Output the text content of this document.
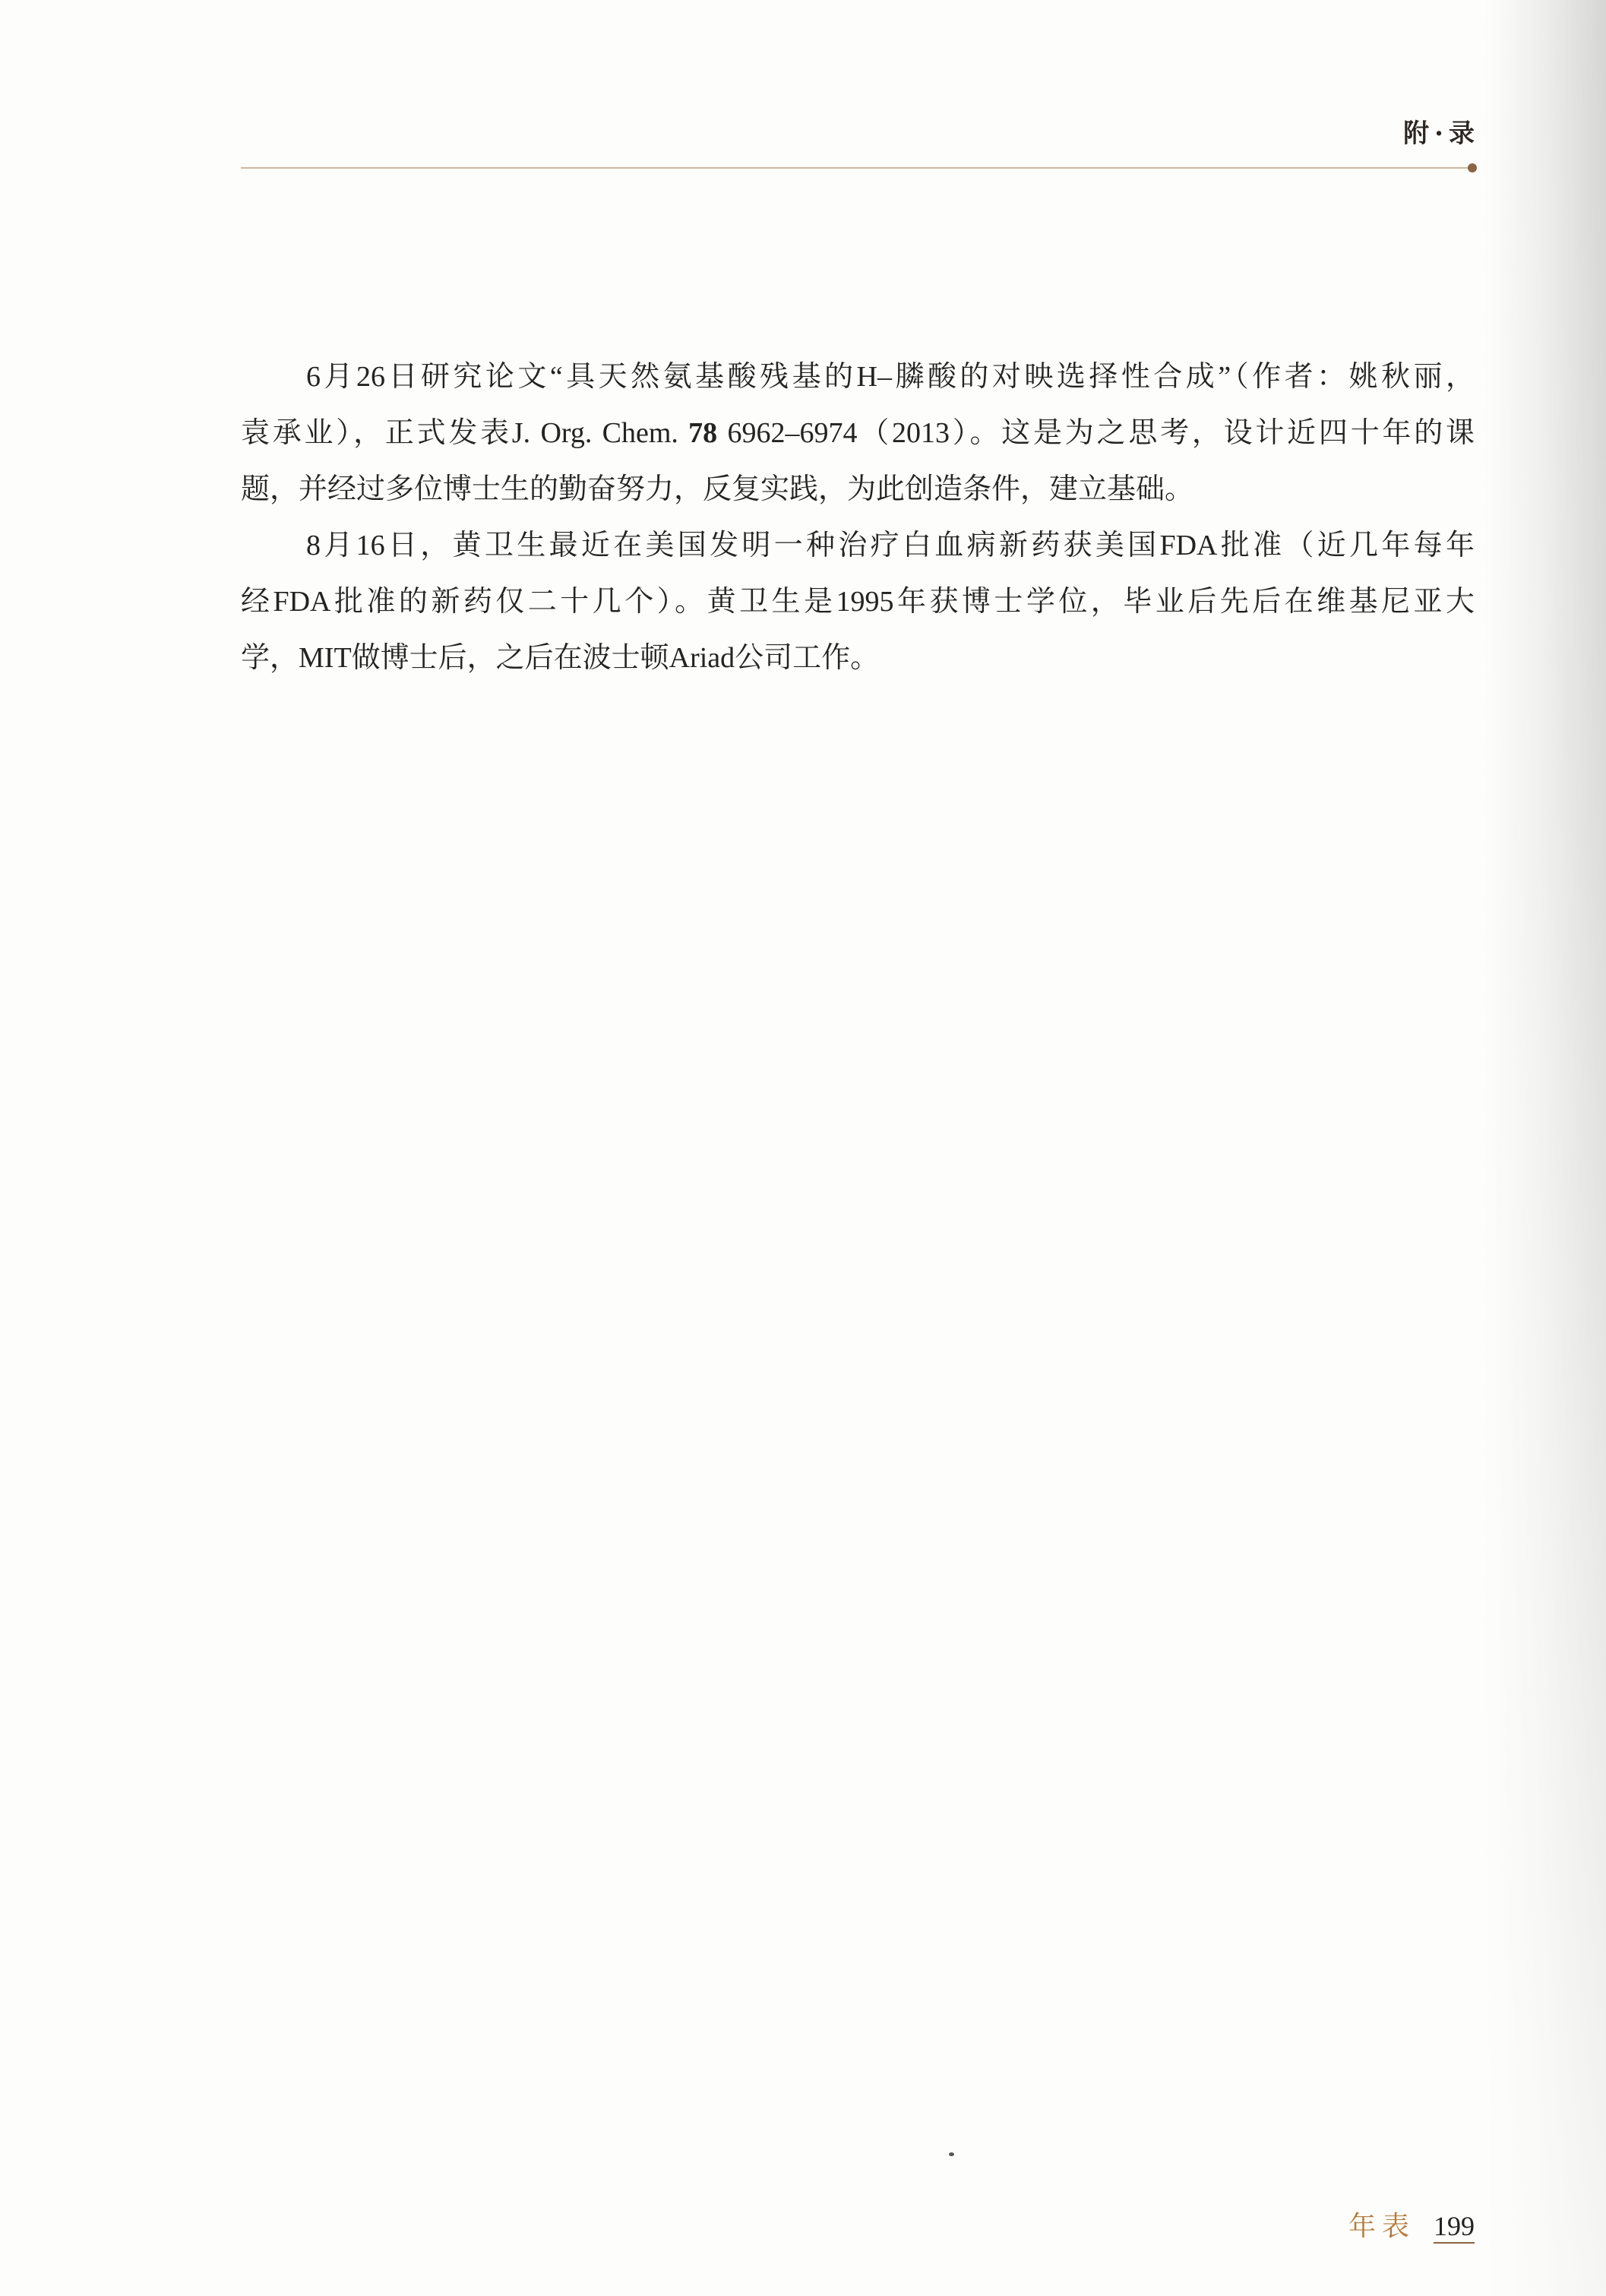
附·录
6月26日研究论文“具天然氨基酸残基的H–膦酸的对映选择性合成”（作者：姚秋丽，
袁承业），正式发表J. Org. Chem. 78 6962–6974（2013）。这是为之思考，设计近四十年的课
题，并经过多位博士生的勤奋努力，反复实践，为此创造条件，建立基础。
8月16日，黄卫生最近在美国发明一种治疗白血病新药获美国FDA批准（近几年每年
经FDA批准的新药仅二十几个）。黄卫生是1995年获博士学位，毕业后先后在维基尼亚大
学，MIT做博士后，之后在波士顿Ariad公司工作。
年表 199
